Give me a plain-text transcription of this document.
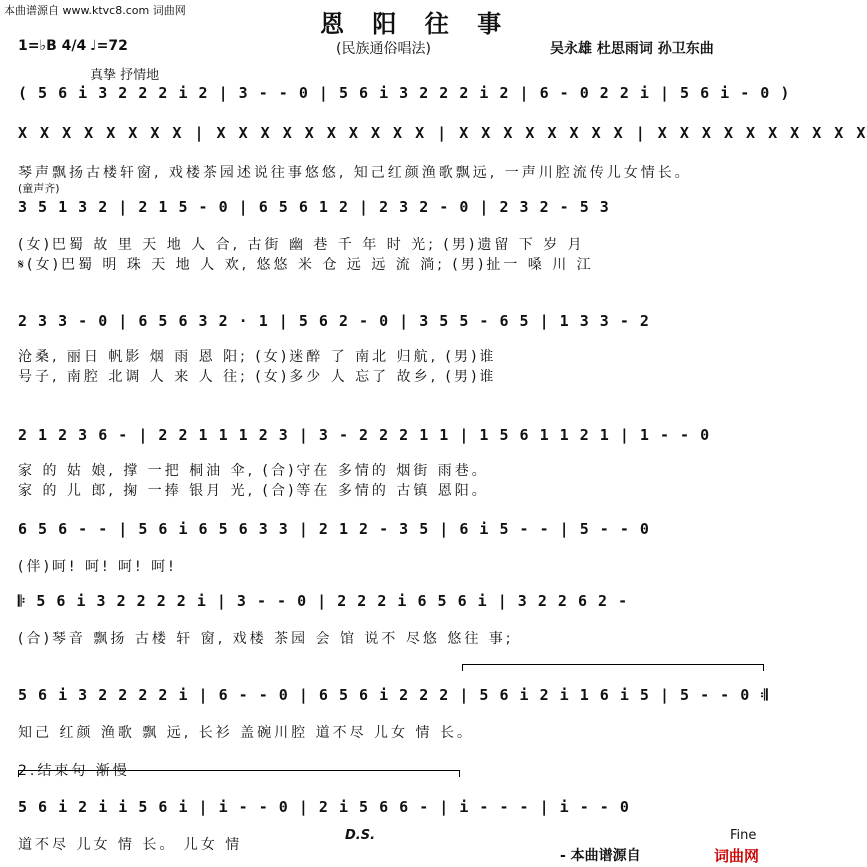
本曲谱源自 www.ktvc8.com 词曲网	恩 阳 往 事
1=♭B 4/4 ♩=72	(民族通俗唱法)	吴永雄 杜思雨词 孙卫东曲
真挚 抒情地
( 5 6 i 3 2 2 2 i 2 | 3 - - 0 | 5 6 i 3 2 2 2 i 2 | 6 - 0 2 2 i | 5 6 i - 0 )
X X X X X X X X | X X X X X X X X X X | X X X X X X X X | X X X X X X X X X X
琴声飘扬古楼轩窗, 戏楼茶园述说往事悠悠, 知己红颜渔歌飘远, 一声川腔流传儿女情长。
(童声齐)
3 5 1 3 2 | 2 1 5 - 0 | 6 5 6 1 2 | 2 3 2 - 0 | 2 3 2 - 5 3
(女)巴蜀 故 里 天 地 人 合, 古街 幽 巷 千 年 时 光; (男)遗留 下 岁 月
𝄋(女)巴蜀 明 珠 天 地 人 欢, 悠悠 米 仓 远 远 流 淌; (男)扯一 嗓 川 江
2 3 3 - 0 | 6 5 6 3 2 · 1 | 5 6 2 - 0 | 3 5 5 - 6 5 | 1 3 3 - 2
沧桑, 丽日 帆影 烟 雨 恩 阳; (女)迷醉 了 南北 归航, (男)谁
号子, 南腔 北调 人 来 人 往; (女)多少 人 忘了 故乡, (男)谁
2 1 2 3 6 - | 2 2 1 1 1 2 3 | 3 - 2 2 2 1 1 | 1 5 6 1 1 2 1 | 1 - - 0
家 的 姑 娘, 撑 一把 桐油 伞, (合)守在 多情的 烟街 雨巷。
家 的 儿 郎, 掬 一捧 银月 光, (合)等在 多情的 古镇 恩阳。
6 5 6 - - | 5 6 i 6 5 6 3 3 | 2 1 2 - 3 5 | 6 i 5 - - | 5 - - 0
(伴)呵! 呵! 呵! 呵!
𝄆 5 6 i 3 2 2 2 2 i | 3 - - 0 | 2 2 2 i 6 5 6 i | 3 2 2 6 2 -
(合)琴音 飘扬 古楼 轩 窗, 戏楼 茶园 会 馆 说不 尽悠 悠往 事;
5 6 i 3 2 2 2 2 i | 6 - - 0 | 6 5 6 i 2 2 2 | 5 6 i 2 i 1 6 i 5 | 5 - - 0 𝄇
知己 红颜 渔歌 飘 远, 长衫 盖碗川腔 道不尽 儿女 情 长。
2.结束句 渐慢
5 6 i 2 i i 5 6 i | i - - 0 | 2 i 5 6 6 - | i - - - | i - - 0
道不尽 儿女 情 长。 儿女 情
D.S.	Fine
- 本曲谱源自	词曲网
